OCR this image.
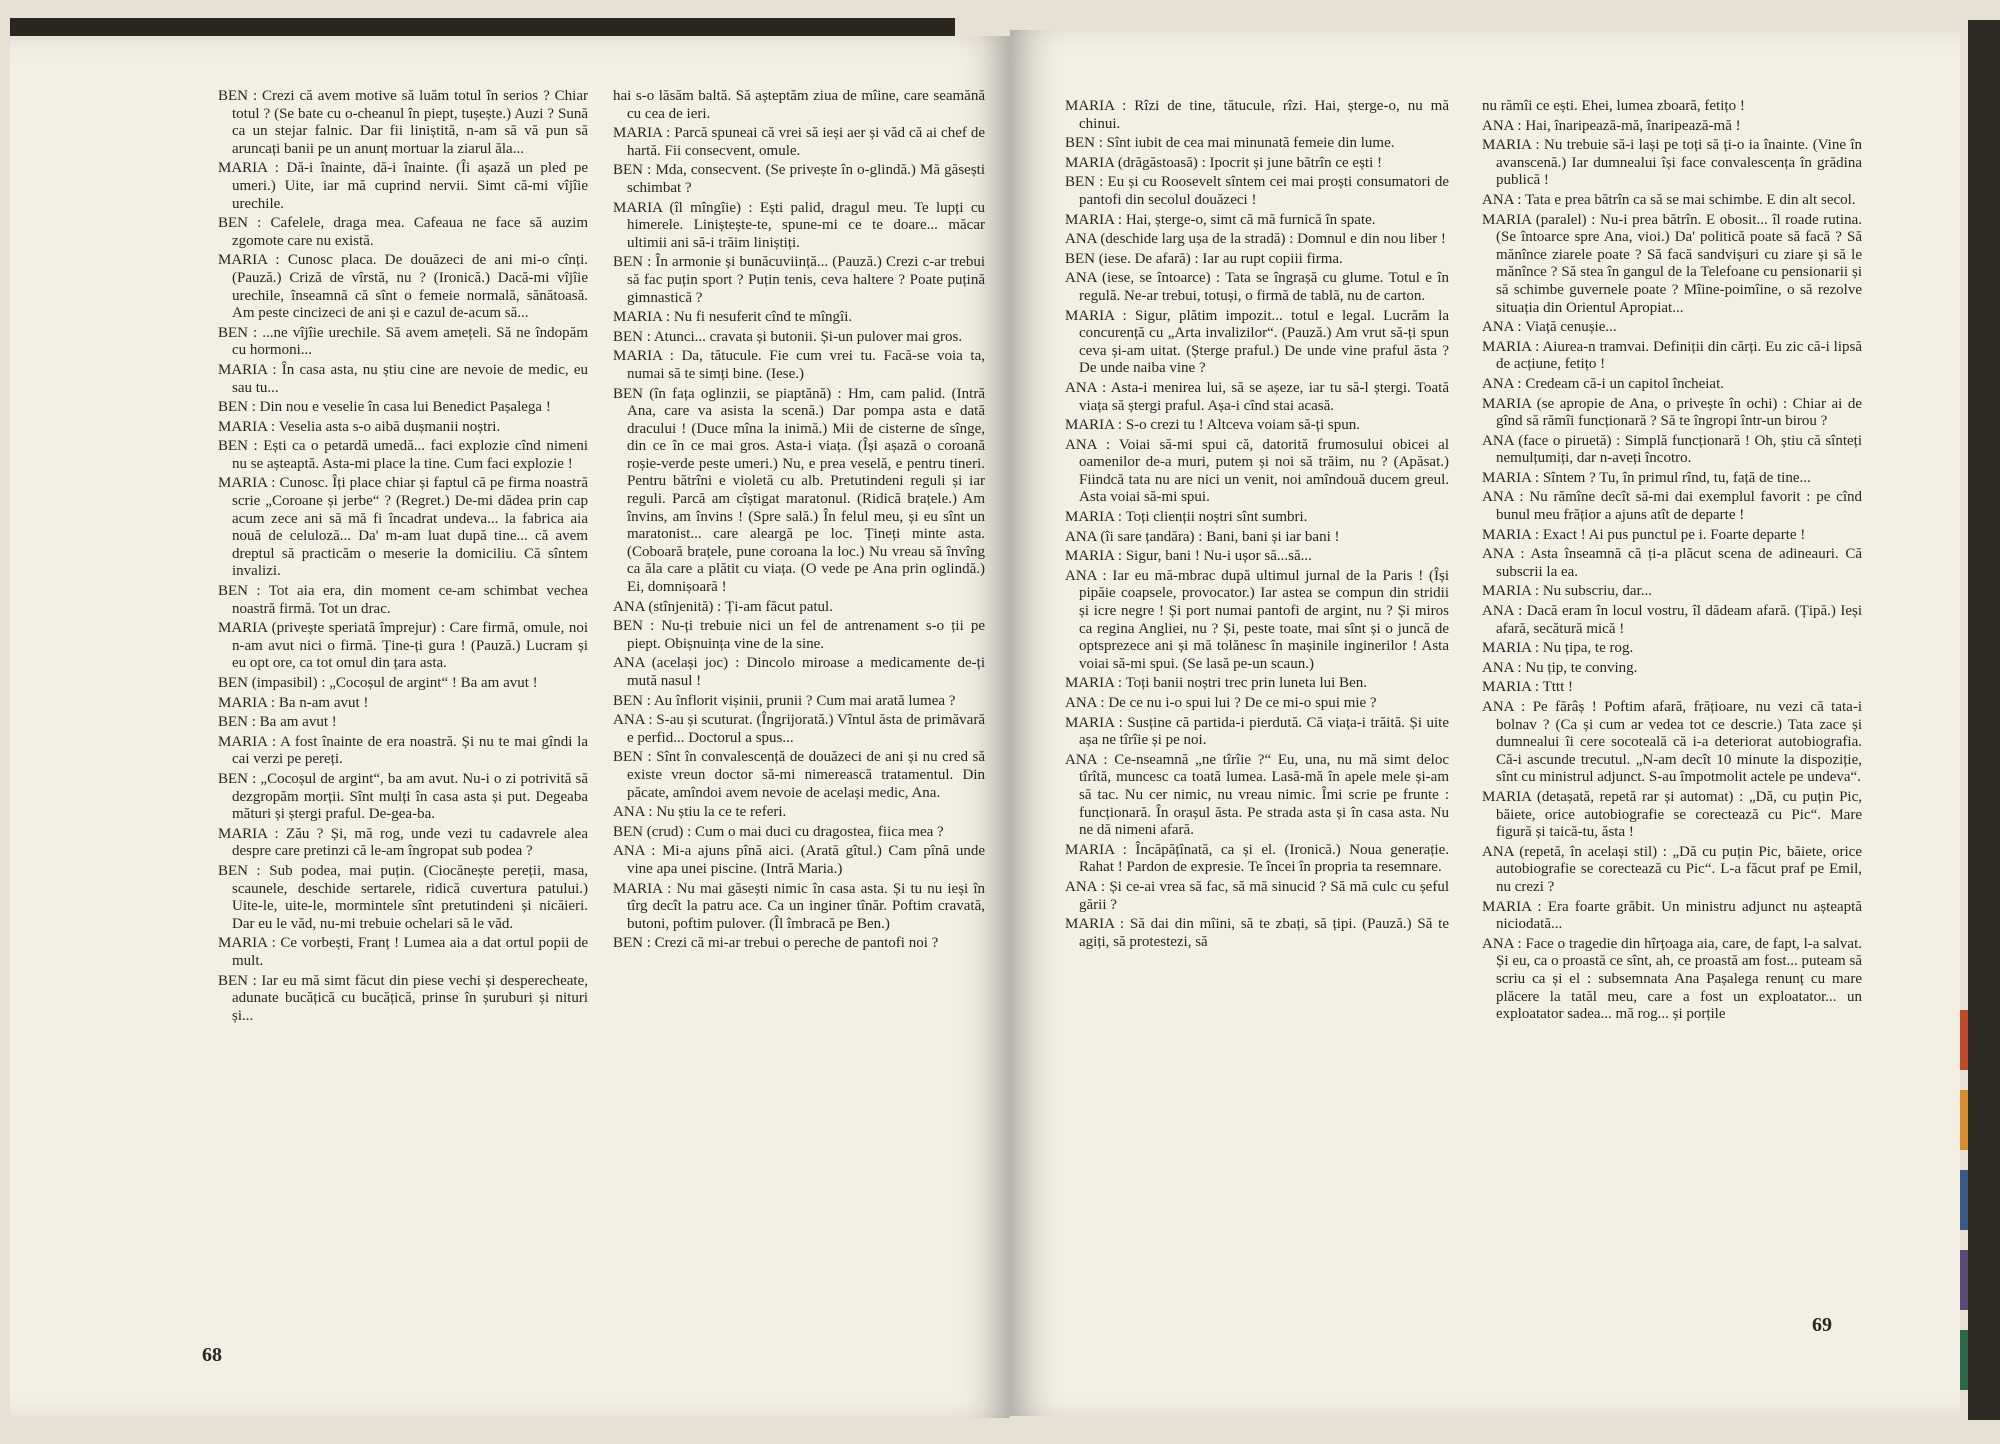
BEN : Crezi că avem motive să luăm totul în serios ? Chiar totul ? (Se bate cu o-cheanul în piept, tușește.) Auzi ? Sună ca un stejar falnic. Dar fii liniștită, n-am să vă pun să aruncați banii pe un anunț mortuar la ziarul ăla...

MARIA : Dă-i înainte, dă-i înainte. (Îi așază un pled pe umeri.) Uite, iar mă cuprind nervii. Simt că-mi vîjîie urechile.

BEN : Cafelele, draga mea. Cafeaua ne face să auzim zgomote care nu există.

MARIA : Cunosc placa. De douăzeci de ani mi-o cînți. (Pauză.) Criză de vîrstă, nu ? (Ironică.) Dacă-mi vîjîie urechile, înseamnă că sînt o femeie normală, sănătoasă. Am peste cincizeci de ani și e cazul de-acum să...

BEN : ...ne vîjîie urechile. Să avem amețeli. Să ne îndopăm cu hormoni...

MARIA : În casa asta, nu știu cine are nevoie de medic, eu sau tu...

BEN : Din nou e veselie în casa lui Benedict Pașalega !

MARIA : Veselia asta s-o aibă dușmanii noștri.

BEN : Ești ca o petardă umedă... faci explozie cînd nimeni nu se așteaptă. Asta-mi place la tine. Cum faci explozie !

MARIA : Cunosc. Îți place chiar și faptul că pe firma noastră scrie „Coroane și jerbe“ ? (Regret.) De-mi dădea prin cap acum zece ani să mă fi încadrat undeva... la fabrica aia nouă de celuloză... Da' m-am luat după tine... că avem dreptul să practicăm o meserie la domiciliu. Că sîntem invalizi.

BEN : Tot aia era, din moment ce-am schimbat vechea noastră firmă. Tot un drac.

MARIA (privește speriată împrejur) : Care firmă, omule, noi n-am avut nici o firmă. Ține-ți gura ! (Pauză.) Lucram și eu opt ore, ca tot omul din țara asta.

BEN (impasibil) : „Cocoșul de argint“ ! Ba am avut !

MARIA : Ba n-am avut !

BEN : Ba am avut !

MARIA : A fost înainte de era noastră. Și nu te mai gîndi la cai verzi pe pereți.

BEN : „Cocoșul de argint“, ba am avut. Nu-i o zi potrivită să dezgropăm morții. Sînt mulți în casa asta și put. Degeaba mături și ștergi praful. De-gea-ba.

MARIA : Zău ? Și, mă rog, unde vezi tu cadavrele alea despre care pretinzi că le-am îngropat sub podea ?

BEN : Sub podea, mai puțin. (Ciocănește pereții, masa, scaunele, deschide sertarele, ridică cuvertura patului.) Uite-le, uite-le, mormintele sînt pretutindeni și nicăieri. Dar eu le văd, nu-mi trebuie ochelari să le văd.

MARIA : Ce vorbești, Franț ! Lumea aia a dat ortul popii de mult.

BEN : Iar eu mă simt făcut din piese vechi și desperecheate, adunate bucățică cu bucățică, prinse în șuruburi și nituri și...

hai s-o lăsăm baltă. Să așteptăm ziua de mîine, care seamănă cu cea de ieri.

MARIA : Parcă spuneai că vrei să ieși aer și văd că ai chef de hartă. Fii consecvent, omule.

BEN : Mda, consecvent. (Se privește în o-glindă.) Mă găsești schimbat ?

MARIA (îl mîngîie) : Ești palid, dragul meu. Te lupți cu himerele. Liniștește-te, spune-mi ce te doare... măcar ultimii ani să-i trăim liniștiți.

BEN : În armonie și bunăcuviință... (Pauză.) Crezi c-ar trebui să fac puțin sport ? Puțin tenis, ceva haltere ? Poate puțină gimnastică ?

MARIA : Nu fi nesuferit cînd te mîngîi.

BEN : Atunci... cravata și butonii. Și-un pulover mai gros.

MARIA : Da, tătucule. Fie cum vrei tu. Facă-se voia ta, numai să te simți bine. (Iese.)

BEN (în fața oglinzii, se piaptănă) : Hm, cam palid. (Intră Ana, care va asista la scenă.) Dar pompa asta e dată dracului ! (Duce mîna la inimă.) Mii de cisterne de sînge, din ce în ce mai gros. Asta-i viața. (Își așază o coroană roșie-verde peste umeri.) Nu, e prea veselă, e pentru tineri. Pentru bătrîni e violetă cu alb. Pretutindeni reguli și iar reguli. Parcă am cîștigat maratonul. (Ridică brațele.) Am învins, am învins ! (Spre sală.) În felul meu, și eu sînt un maratonist... care aleargă pe loc. Țineți minte asta. (Coboară brațele, pune coroana la loc.) Nu vreau să învîng ca ăla care a plătit cu viața. (O vede pe Ana prin oglindă.) Ei, domnișoară !

ANA (stînjenită) : Ți-am făcut patul.

BEN : Nu-ți trebuie nici un fel de antrenament s-o ții pe piept. Obișnuința vine de la sine.

ANA (același joc) : Dincolo miroase a medicamente de-ți mută nasul !

BEN : Au înflorit vișinii, prunii ? Cum mai arată lumea ?

ANA : S-au și scuturat. (Îngrijorată.) Vîntul ăsta de primăvară e perfid... Doctorul a spus...

BEN : Sînt în convalescență de douăzeci de ani și nu cred să existe vreun doctor să-mi nimerească tratamentul. Din păcate, amîndoi avem nevoie de același medic, Ana.

ANA : Nu știu la ce te referi.

BEN (crud) : Cum o mai duci cu dragostea, fiica mea ?

ANA : Mi-a ajuns pînă aici. (Arată gîtul.) Cam pînă unde vine apa unei piscine. (Intră Maria.)

MARIA : Nu mai găsești nimic în casa asta. Și tu nu ieși în tîrg decît la patru ace. Ca un inginer tînăr. Poftim cravată, butoni, poftim pulover. (Îl îmbracă pe Ben.)

BEN : Crezi că mi-ar trebui o pereche de pantofi noi ?

68

MARIA : Rîzi de tine, tătucule, rîzi. Hai, șterge-o, nu mă chinui.

BEN : Sînt iubit de cea mai minunată femeie din lume.

MARIA (drăgăstoasă) : Ipocrit și june bătrîn ce ești !

BEN : Eu și cu Roosevelt sîntem cei mai proști consumatori de pantofi din secolul douăzeci !

MARIA : Hai, șterge-o, simt că mă furnică în spate.

ANA (deschide larg ușa de la stradă) : Domnul e din nou liber !

BEN (iese. De afară) : Iar au rupt copiii firma.

ANA (iese, se întoarce) : Tata se îngrașă cu glume. Totul e în regulă. Ne-ar trebui, totuși, o firmă de tablă, nu de carton.

MARIA : Sigur, plătim impozit... totul e legal. Lucrăm la concurență cu „Arta invalizilor“. (Pauză.) Am vrut să-ți spun ceva și-am uitat. (Șterge praful.) De unde vine praful ăsta ? De unde naiba vine ?

ANA : Asta-i menirea lui, să se așeze, iar tu să-l ștergi. Toată viața să ștergi praful. Așa-i cînd stai acasă.

MARIA : S-o crezi tu ! Altceva voiam să-ți spun.

ANA : Voiai să-mi spui că, datorită frumosului obicei al oamenilor de-a muri, putem și noi să trăim, nu ? (Apăsat.) Fiindcă tata nu are nici un venit, noi amîndouă ducem greul. Asta voiai să-mi spui.

MARIA : Toți clienții noștri sînt sumbri.

ANA (îi sare țandăra) : Bani, bani și iar bani !

MARIA : Sigur, bani ! Nu-i ușor să...să...

ANA : Iar eu mă-mbrac după ultimul jurnal de la Paris ! (Își pipăie coapsele, provocator.) Iar astea se compun din stridii și icre negre ! Și port numai pantofi de argint, nu ? Și miros ca regina Angliei, nu ? Și, peste toate, mai sînt și o juncă de optsprezece ani și mă tolănesc în mașinile inginerilor ! Asta voiai să-mi spui. (Se lasă pe-un scaun.)

MARIA : Toți banii noștri trec prin luneta lui Ben.

ANA : De ce nu i-o spui lui ? De ce mi-o spui mie ?

MARIA : Susține că partida-i pierdută. Că viața-i trăită. Și uite așa ne tîrîie și pe noi.

ANA : Ce-nseamnă „ne tîrîie ?“ Eu, una, nu mă simt deloc tîrîtă, muncesc ca toată lumea. Lasă-mă în apele mele și-am să tac. Nu cer nimic, nu vreau nimic. Îmi scrie pe frunte : funcționară. În orașul ăsta. Pe strada asta și în casa asta. Nu ne dă nimeni afară.

MARIA : Încăpățînată, ca și el. (Ironică.) Noua generație. Rahat ! Pardon de expresie. Te încei în propria ta resemnare.

ANA : Și ce-ai vrea să fac, să mă sinucid ? Să mă culc cu șeful gării ?

MARIA : Să dai din mîini, să te zbați, să țipi. (Pauză.) Să te agiți, să protestezi, să

nu rămîi ce ești. Ehei, lumea zboară, fetițo !

ANA : Hai, înaripează-mă, înaripează-mă !

MARIA : Nu trebuie să-i lași pe toți să ți-o ia înainte. (Vine în avanscenă.) Iar dumnealui își face convalescența în grădina publică !

ANA : Tata e prea bătrîn ca să se mai schimbe. E din alt secol.

MARIA (paralel) : Nu-i prea bătrîn. E obosit... îl roade rutina. (Se întoarce spre Ana, vioi.) Da' politică poate să facă ? Să mănînce ziarele poate ? Să facă sandvișuri cu ziare și să le mănînce ? Să stea în gangul de la Telefoane cu pensionarii și să schimbe guvernele poate ? Mîine-poimîine, o să rezolve situația din Orientul Apropiat...

ANA : Viață cenușie...

MARIA : Aiurea-n tramvai. Definiții din cărți. Eu zic că-i lipsă de acțiune, fetițo !

ANA : Credeam că-i un capitol încheiat.

MARIA (se apropie de Ana, o privește în ochi) : Chiar ai de gînd să rămîi funcționară ? Să te îngropi într-un birou ?

ANA (face o piruetă) : Simplă funcționară ! Oh, știu că sînteți nemulțumiți, dar n-aveți încotro.

MARIA : Sîntem ? Tu, în primul rînd, tu, față de tine...

ANA : Nu rămîne decît să-mi dai exemplul favorit : pe cînd bunul meu frățior a ajuns atît de departe !

MARIA : Exact ! Ai pus punctul pe i. Foarte departe !

ANA : Asta înseamnă că ți-a plăcut scena de adineauri. Că subscrii la ea.

MARIA : Nu subscriu, dar...

ANA : Dacă eram în locul vostru, îl dădeam afară. (Țipă.) Ieși afară, secătură mică !

MARIA : Nu țipa, te rog.

ANA : Nu țip, te conving.

MARIA : Tttt !

ANA : Pe fărâș ! Poftim afară, frățioare, nu vezi că tata-i bolnav ? (Ca și cum ar vedea tot ce descrie.) Tata zace și dumnealui îi cere socoteală că i-a deteriorat autobiografia. Că-i ascunde trecutul. „N-am decît 10 minute la dispoziție, sînt cu ministrul adjunct. S-au împotmolit actele pe undeva“.

MARIA (detașată, repetă rar și automat) : „Dă, cu puțin Pic, băiete, orice autobiografie se corectează cu Pic“. Mare figură și taică-tu, ăsta !

ANA (repetă, în același stil) : „Dă cu puțin Pic, băiete, orice autobiografie se corectează cu Pic“. L-a făcut praf pe Emil, nu crezi ?

MARIA : Era foarte grăbit. Un ministru adjunct nu așteaptă niciodată...

ANA : Face o tragedie din hîrțoaga aia, care, de fapt, l-a salvat. Și eu, ca o proastă ce sînt, ah, ce proastă am fost... puteam să scriu ca și el : subsemnata Ana Pașalega renunț cu mare plăcere la tatăl meu, care a fost un exploatator... un exploatator sadea... mă rog... și porțile

69
